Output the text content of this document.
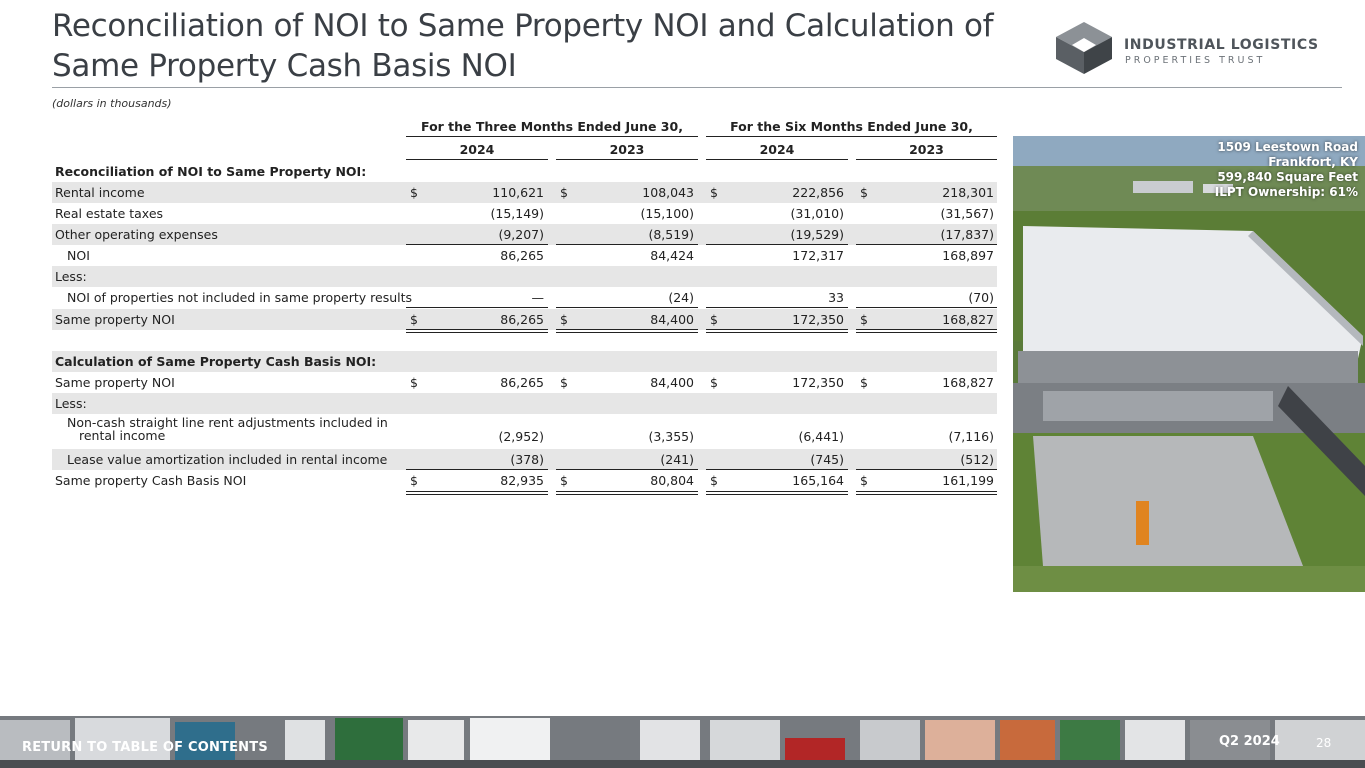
Reconciliation of NOI to Same Property NOI and Calculation of Same Property Cash Basis NOI
(dollars in thousands)
INDUSTRIAL LOGISTICS
PROPERTIES TRUST
For the Three Months Ended June 30,	For the Six Months Ended June 30,
2024	2023	2024	2023
Reconciliation of NOI to Same Property NOI:
Rental income	$	110,621 $	108,043 $	222,856 $	218,301
Real estate taxes	(15,149)	(15,100)	(31,010)	(31,567)
Other operating expenses	(9,207)	(8,519)	(19,529)	(17,837)
NOI	86,265	84,424	172,317	168,897
Less:
NOI of properties not included in same property results	—	(24)	33	(70)
Same property NOI	$	86,265 $	84,400 $	172,350 $	168,827
Calculation of Same Property Cash Basis NOI:
Same property NOI	$	86,265 $	84,400 $	172,350 $	168,827
Less:
Non-cash straight line rent adjustments included in
rental income	(2,952)	(3,355)	(6,441)	(7,116)
Lease value amortization included in rental income	(378)	(241)	(745)	(512)
Same property Cash Basis NOI	$	82,935 $	80,804 $	165,164 $	161,199
1509 Leestown Road
Frankfort, KY
599,840 Square Feet
ILPT Ownership: 61%
RETURN TO TABLE OF CONTENTS	Q2 2024	28
